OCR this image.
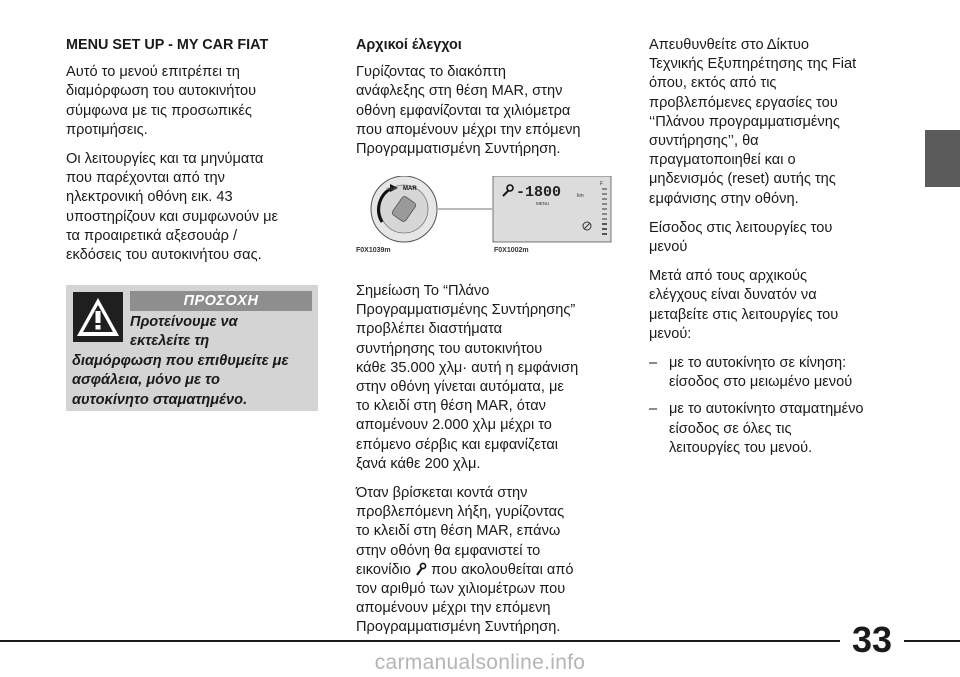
MENU SET UP - MY CAR FIAT

Αυτό το μενού επιτρέπει τη
διαμόρφωση του αυτοκινήτου
σύμφωνα με τις προσωπικές
προτιμήσεις.

Οι λειτουργίες και τα μηνύματα
που παρέχονται από την
ηλεκτρονική οθόνη εικ. 43
υποστηρίζουν και συμφωνούν με
τα προαιρετικά αξεσουάρ /
εκδόσεις του αυτοκινήτου σας.

ΠΡΟΣΟΧΗ
Προτείνουμε να
εκτελείτε τη
διαμόρφωση που επιθυμείτε με
ασφάλεια, μόνο με το
αυτοκίνητο σταματημένο.

Αρχικοί έλεγχοι

Γυρίζοντας το διακόπτη
ανάφλεξης στη θέση MAR, στην
οθόνη εμφανίζονται τα χιλιόμετρα
που απομένουν μέχρι την επόμενη
Προγραμματισμένη Συντήρηση.

MAR
STOP	-1800	km
MENU
F
F0X1039m	F0X1002m

Σημείωση Το “Πλάνο
Προγραμματισμένης Συντήρησης”
προβλέπει διαστήματα
συντήρησης του αυτοκινήτου
κάθε 35.000 χλμ· αυτή η εμφάνιση
στην οθόνη γίνεται αυτόματα, με
το κλειδί στη θέση MAR, όταν
απομένουν 2.000 χλμ μέχρι το
επόμενο σέρβις και εμφανίζεται
ξανά κάθε 200 χλμ.

Όταν βρίσκεται κοντά στην
προβλεπόμενη λήξη, γυρίζοντας
το κλειδί στη θέση MAR, επάνω
στην οθόνη θα εμφανιστεί το
εικονίδιο που ακολουθείται από
τον αριθμό των χιλιομέτρων που
απομένουν μέχρι την επόμενη
Προγραμματισμένη Συντήρηση.

Απευθυνθείτε στο Δίκτυο
Τεχνικής Εξυπηρέτησης της Fiat
όπου, εκτός από τις
προβλεπόμενες εργασίες του
‘‘Πλάνου προγραμματισμένης
συντήρησης’’, θα
πραγματοποιηθεί και ο
μηδενισμός (reset) αυτής της
εμφάνισης στην οθόνη.

Είσοδος στις λειτουργίες του
μενού

Μετά από τους αρχικούς
ελέγχους είναι δυνατόν να
μεταβείτε στις λειτουργίες του
μενού:

– με το αυτοκίνητο σε κίνηση:
είσοδος στο μειωμένο μενού
– με το αυτοκίνητο σταματημένο
είσοδος σε όλες τις
λειτουργίες του μενού.
33
carmanualsonline.info
